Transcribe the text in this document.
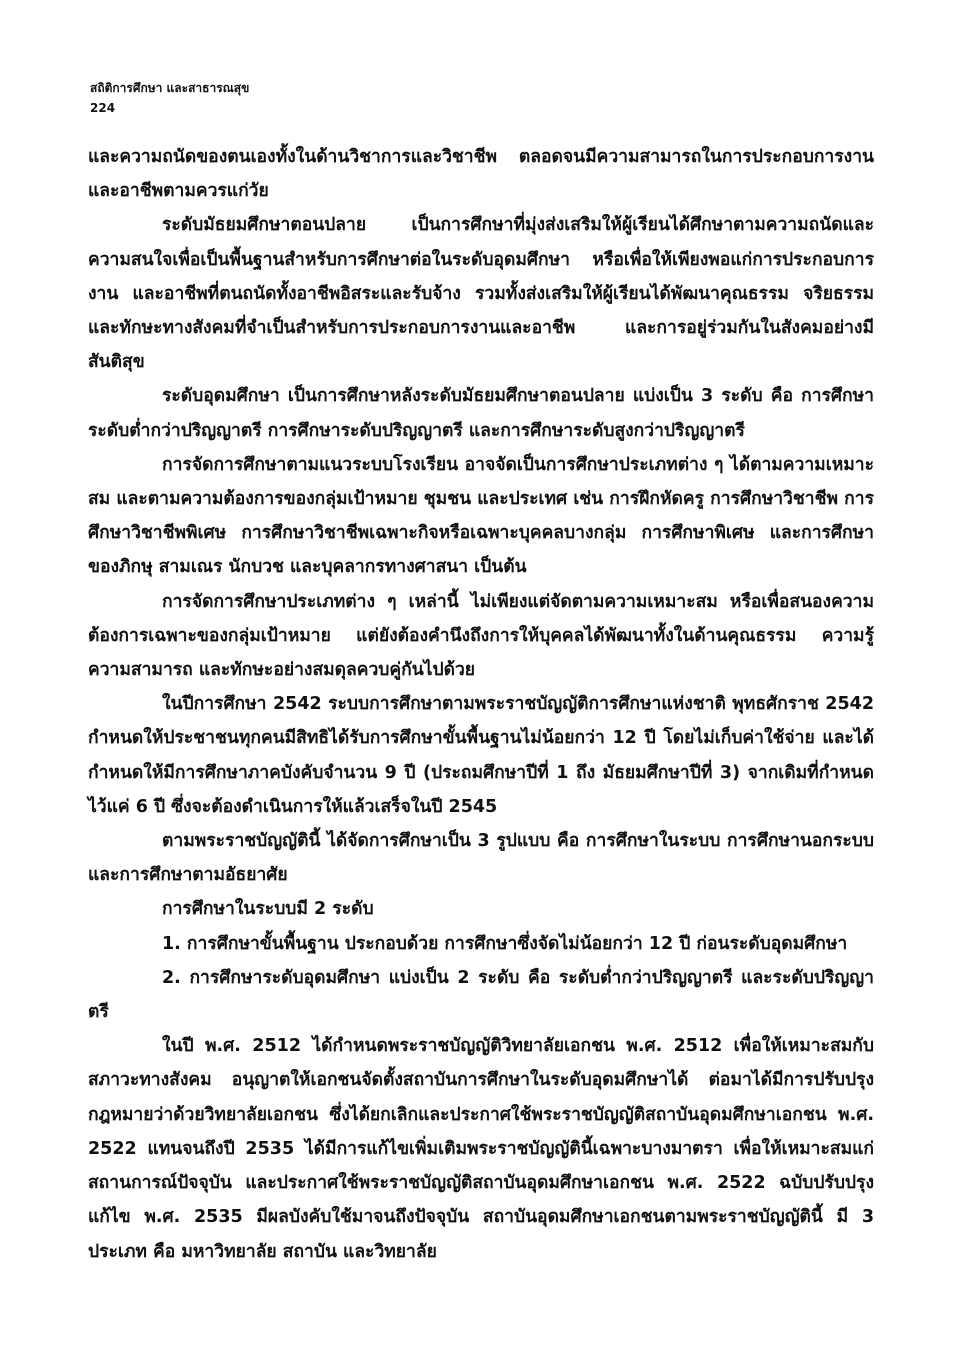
สถิติการศึกษา และสาธารณสุข
224

และความถนัดของตนเองทั้งในด้านวิชาการและวิชาชีพ ตลอดจนมีความสามารถในการประกอบการงาน และอาชีพตามควรแก่วัย

ระดับมัธยมศึกษาตอนปลาย เป็นการศึกษาที่มุ่งส่งเสริมให้ผู้เรียนได้ศึกษาตามความถนัดและความสนใจเพื่อเป็นพื้นฐานสำหรับการศึกษาต่อในระดับอุดมศึกษา หรือเพื่อให้เพียงพอแก่การประกอบการงาน และอาชีพที่ตนถนัดทั้งอาชีพอิสระและรับจ้าง รวมทั้งส่งเสริมให้ผู้เรียนได้พัฒนาคุณธรรม จริยธรรม และทักษะทางสังคมที่จำเป็นสำหรับการประกอบการงานและอาชีพ และการอยู่ร่วมกันในสังคมอย่างมีสันติสุข

ระดับอุดมศึกษา เป็นการศึกษาหลังระดับมัธยมศึกษาตอนปลาย แบ่งเป็น 3 ระดับ คือ การศึกษาระดับต่ำกว่าปริญญาตรี การศึกษาระดับปริญญาตรี และการศึกษาระดับสูงกว่าปริญญาตรี

การจัดการศึกษาตามแนวระบบโรงเรียน อาจจัดเป็นการศึกษาประเภทต่าง ๆ ได้ตามความเหมาะสม และตามความต้องการของกลุ่มเป้าหมาย ชุมชน และประเทศ เช่น การฝึกหัดครู การศึกษาวิชาชีพ การศึกษาวิชาชีพพิเศษ การศึกษาวิชาชีพเฉพาะกิจหรือเฉพาะบุคคลบางกลุ่ม การศึกษาพิเศษ และการศึกษาของภิกษุ สามเณร นักบวช และบุคลากรทางศาสนา เป็นต้น

การจัดการศึกษาประเภทต่าง ๆ เหล่านี้ ไม่เพียงแต่จัดตามความเหมาะสม หรือเพื่อสนองความต้องการเฉพาะของกลุ่มเป้าหมาย แต่ยังต้องคำนึงถึงการให้บุคคลได้พัฒนาทั้งในด้านคุณธรรม ความรู้ความสามารถ และทักษะอย่างสมดุลควบคู่กันไปด้วย

ในปีการศึกษา 2542 ระบบการศึกษาตามพระราชบัญญัติการศึกษาแห่งชาติ พุทธศักราช 2542 กำหนดให้ประชาชนทุกคนมีสิทธิได้รับการศึกษาขั้นพื้นฐานไม่น้อยกว่า 12 ปี โดยไม่เก็บค่าใช้จ่าย และได้กำหนดให้มีการศึกษาภาคบังคับจำนวน 9 ปี (ประถมศึกษาปีที่ 1 ถึง มัธยมศึกษาปีที่ 3) จากเดิมที่กำหนดไว้แค่ 6 ปี ซึ่งจะต้องดำเนินการให้แล้วเสร็จในปี 2545

ตามพระราชบัญญัตินี้ ได้จัดการศึกษาเป็น 3 รูปแบบ คือ การศึกษาในระบบ การศึกษานอกระบบ และการศึกษาตามอัธยาศัย

การศึกษาในระบบมี 2 ระดับ

1. การศึกษาขั้นพื้นฐาน ประกอบด้วย การศึกษาซึ่งจัดไม่น้อยกว่า 12 ปี ก่อนระดับอุดมศึกษา

2. การศึกษาระดับอุดมศึกษา แบ่งเป็น 2 ระดับ คือ ระดับต่ำกว่าปริญญาตรี และระดับปริญญาตรี

ในปี พ.ศ. 2512 ได้กำหนดพระราชบัญญัติวิทยาลัยเอกชน พ.ศ. 2512 เพื่อให้เหมาะสมกับสภาวะทางสังคม อนุญาตให้เอกชนจัดตั้งสถาบันการศึกษาในระดับอุดมศึกษาได้ ต่อมาได้มีการปรับปรุงกฎหมายว่าด้วยวิทยาลัยเอกชน ซึ่งได้ยกเลิกและประกาศใช้พระราชบัญญัติสถาบันอุดมศึกษาเอกชน พ.ศ. 2522 แทนจนถึงปี 2535 ได้มีการแก้ไขเพิ่มเติมพระราชบัญญัตินี้เฉพาะบางมาตรา เพื่อให้เหมาะสมแก่สถานการณ์ปัจจุบัน และประกาศใช้พระราชบัญญัติสถาบันอุดมศึกษาเอกชน พ.ศ. 2522 ฉบับปรับปรุงแก้ไข พ.ศ. 2535 มีผลบังคับใช้มาจนถึงปัจจุบัน สถาบันอุดมศึกษาเอกชนตามพระราชบัญญัตินี้ มี 3 ประเภท คือ มหาวิทยาลัย สถาบัน และวิทยาลัย
